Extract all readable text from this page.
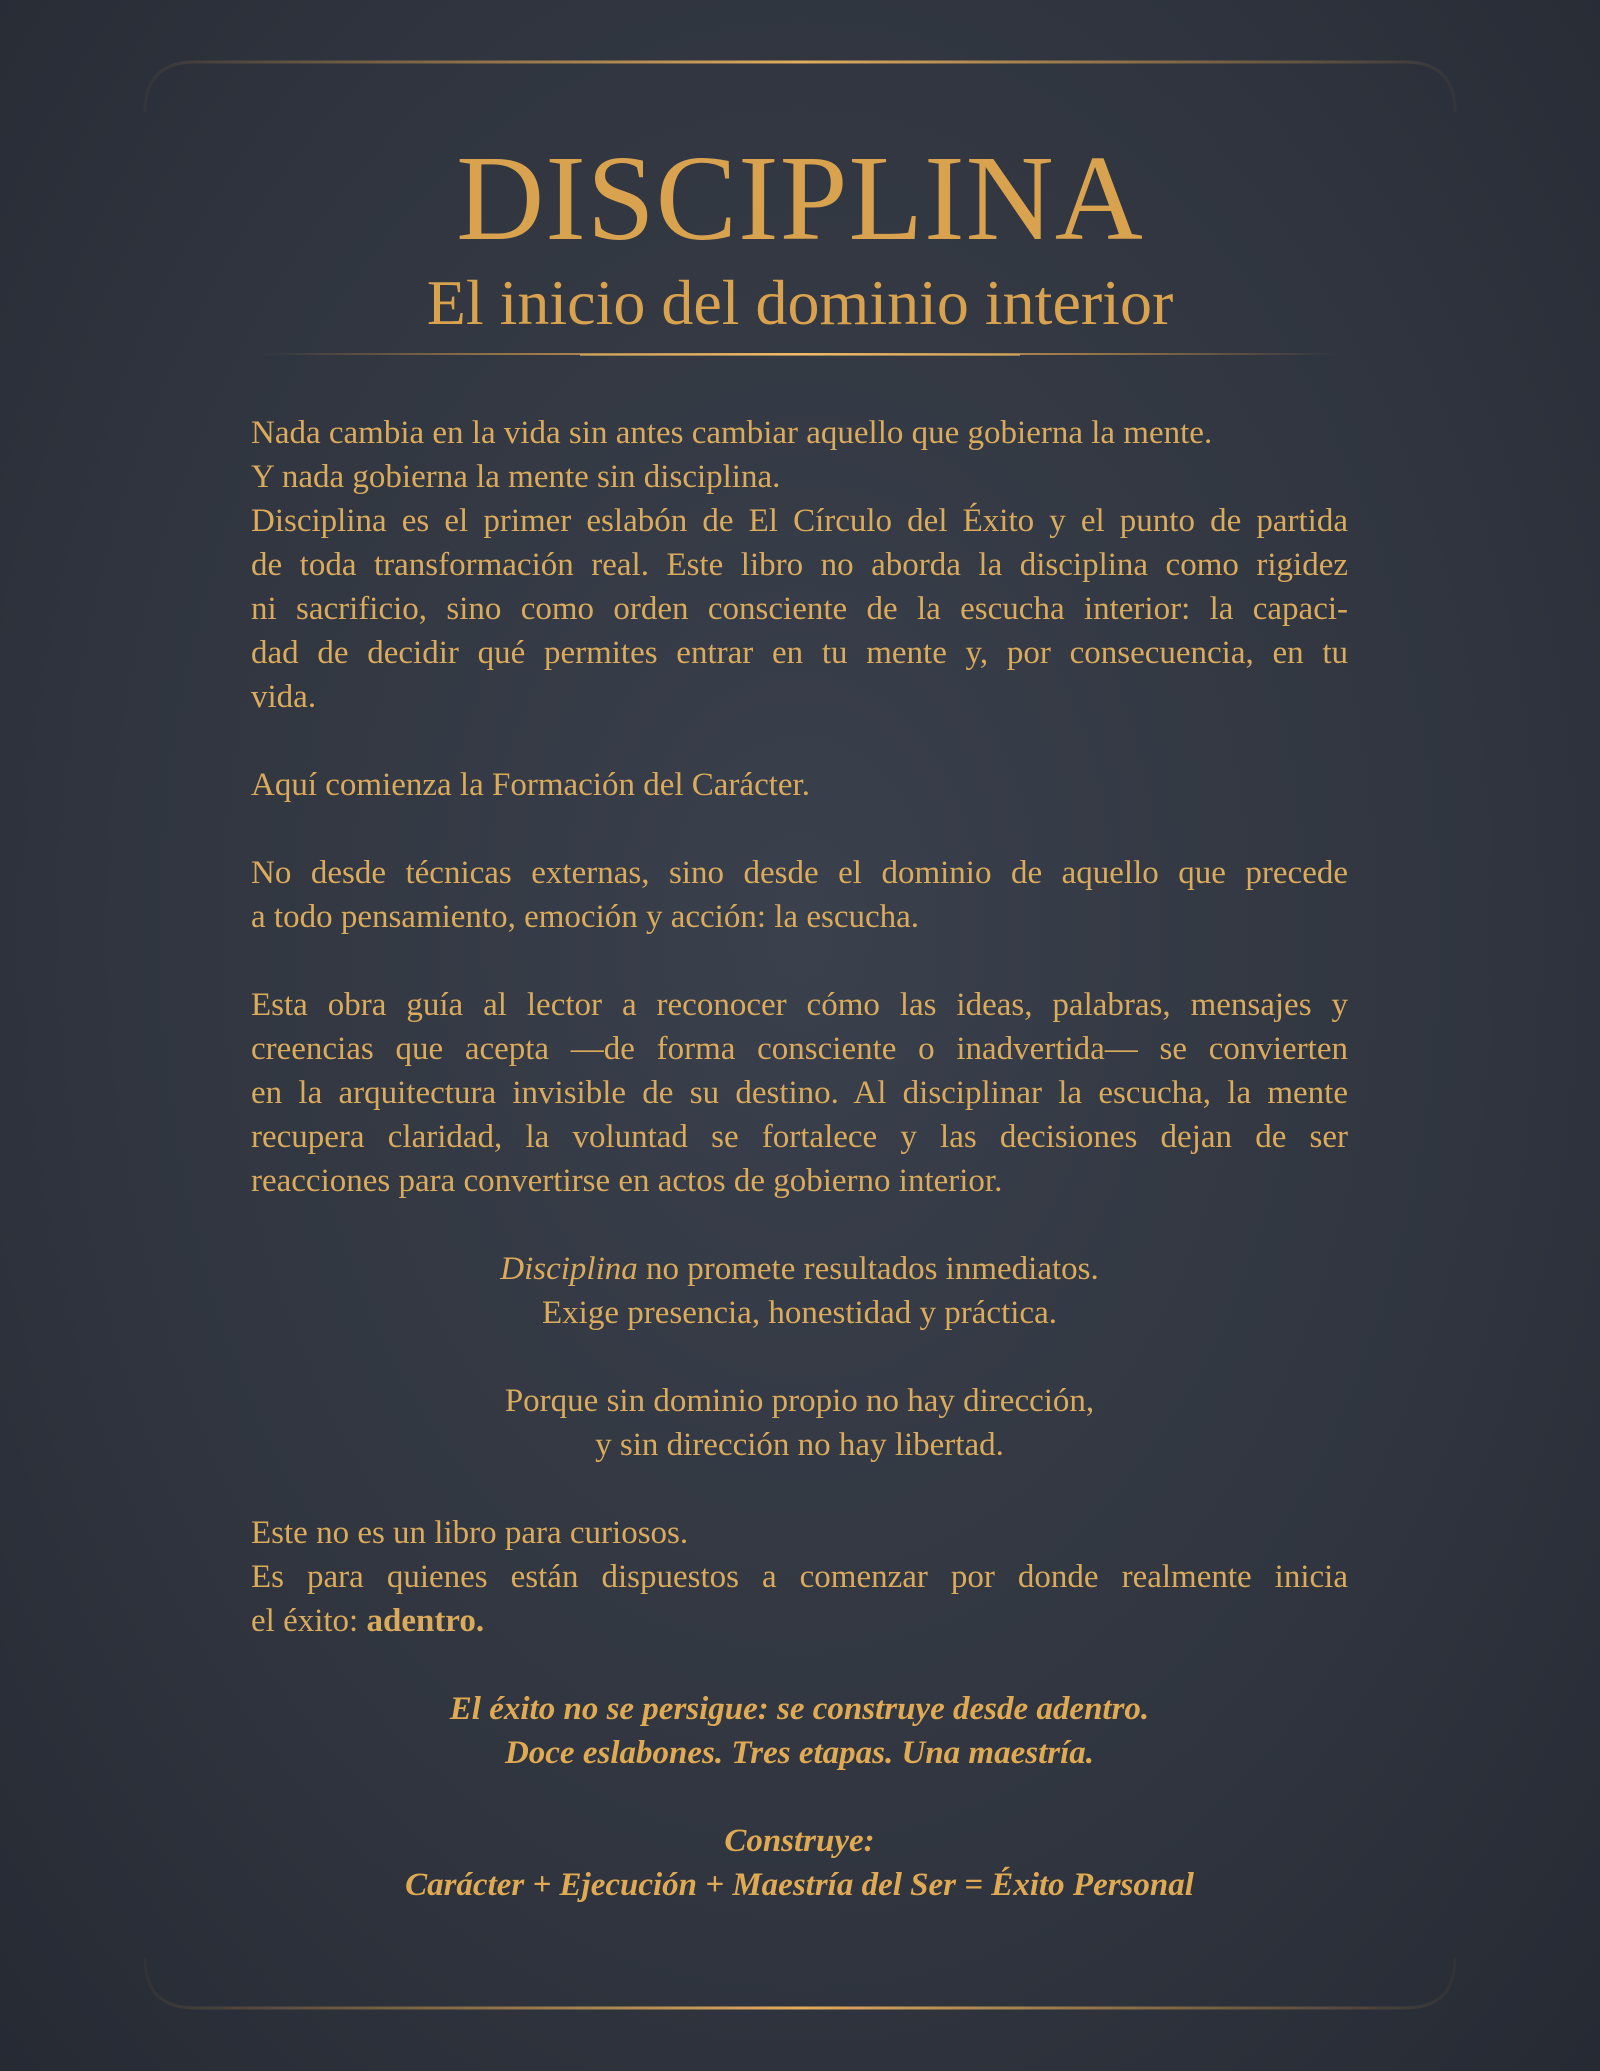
DISCIPLINA
El inicio del dominio interior
Nada cambia en la vida sin antes cambiar aquello que gobierna la mente.
Y nada gobierna la mente sin disciplina.
Disciplina es el primer eslabón de El Círculo del Éxito y el punto de partida
de toda transformación real. Este libro no aborda la disciplina como rigidez
ni sacrificio, sino como orden consciente de la escucha interior: la capaci-
dad de decidir qué permites entrar en tu mente y, por consecuencia, en tu
vida.
Aquí comienza la Formación del Carácter.
No desde técnicas externas, sino desde el dominio de aquello que precede
a todo pensamiento, emoción y acción: la escucha.
Esta obra guía al lector a reconocer cómo las ideas, palabras, mensajes y
creencias que acepta —de forma consciente o inadvertida— se convierten
en la arquitectura invisible de su destino. Al disciplinar la escucha, la mente
recupera claridad, la voluntad se fortalece y las decisiones dejan de ser
reacciones para convertirse en actos de gobierno interior.
Disciplina no promete resultados inmediatos.
Exige presencia, honestidad y práctica.
Porque sin dominio propio no hay dirección,
y sin dirección no hay libertad.
Este no es un libro para curiosos.
Es para quienes están dispuestos a comenzar por donde realmente inicia
el éxito: adentro.
El éxito no se persigue: se construye desde adentro.
Doce eslabones. Tres etapas. Una maestría.
Construye:
Carácter + Ejecución + Maestría del Ser = Éxito Personal
